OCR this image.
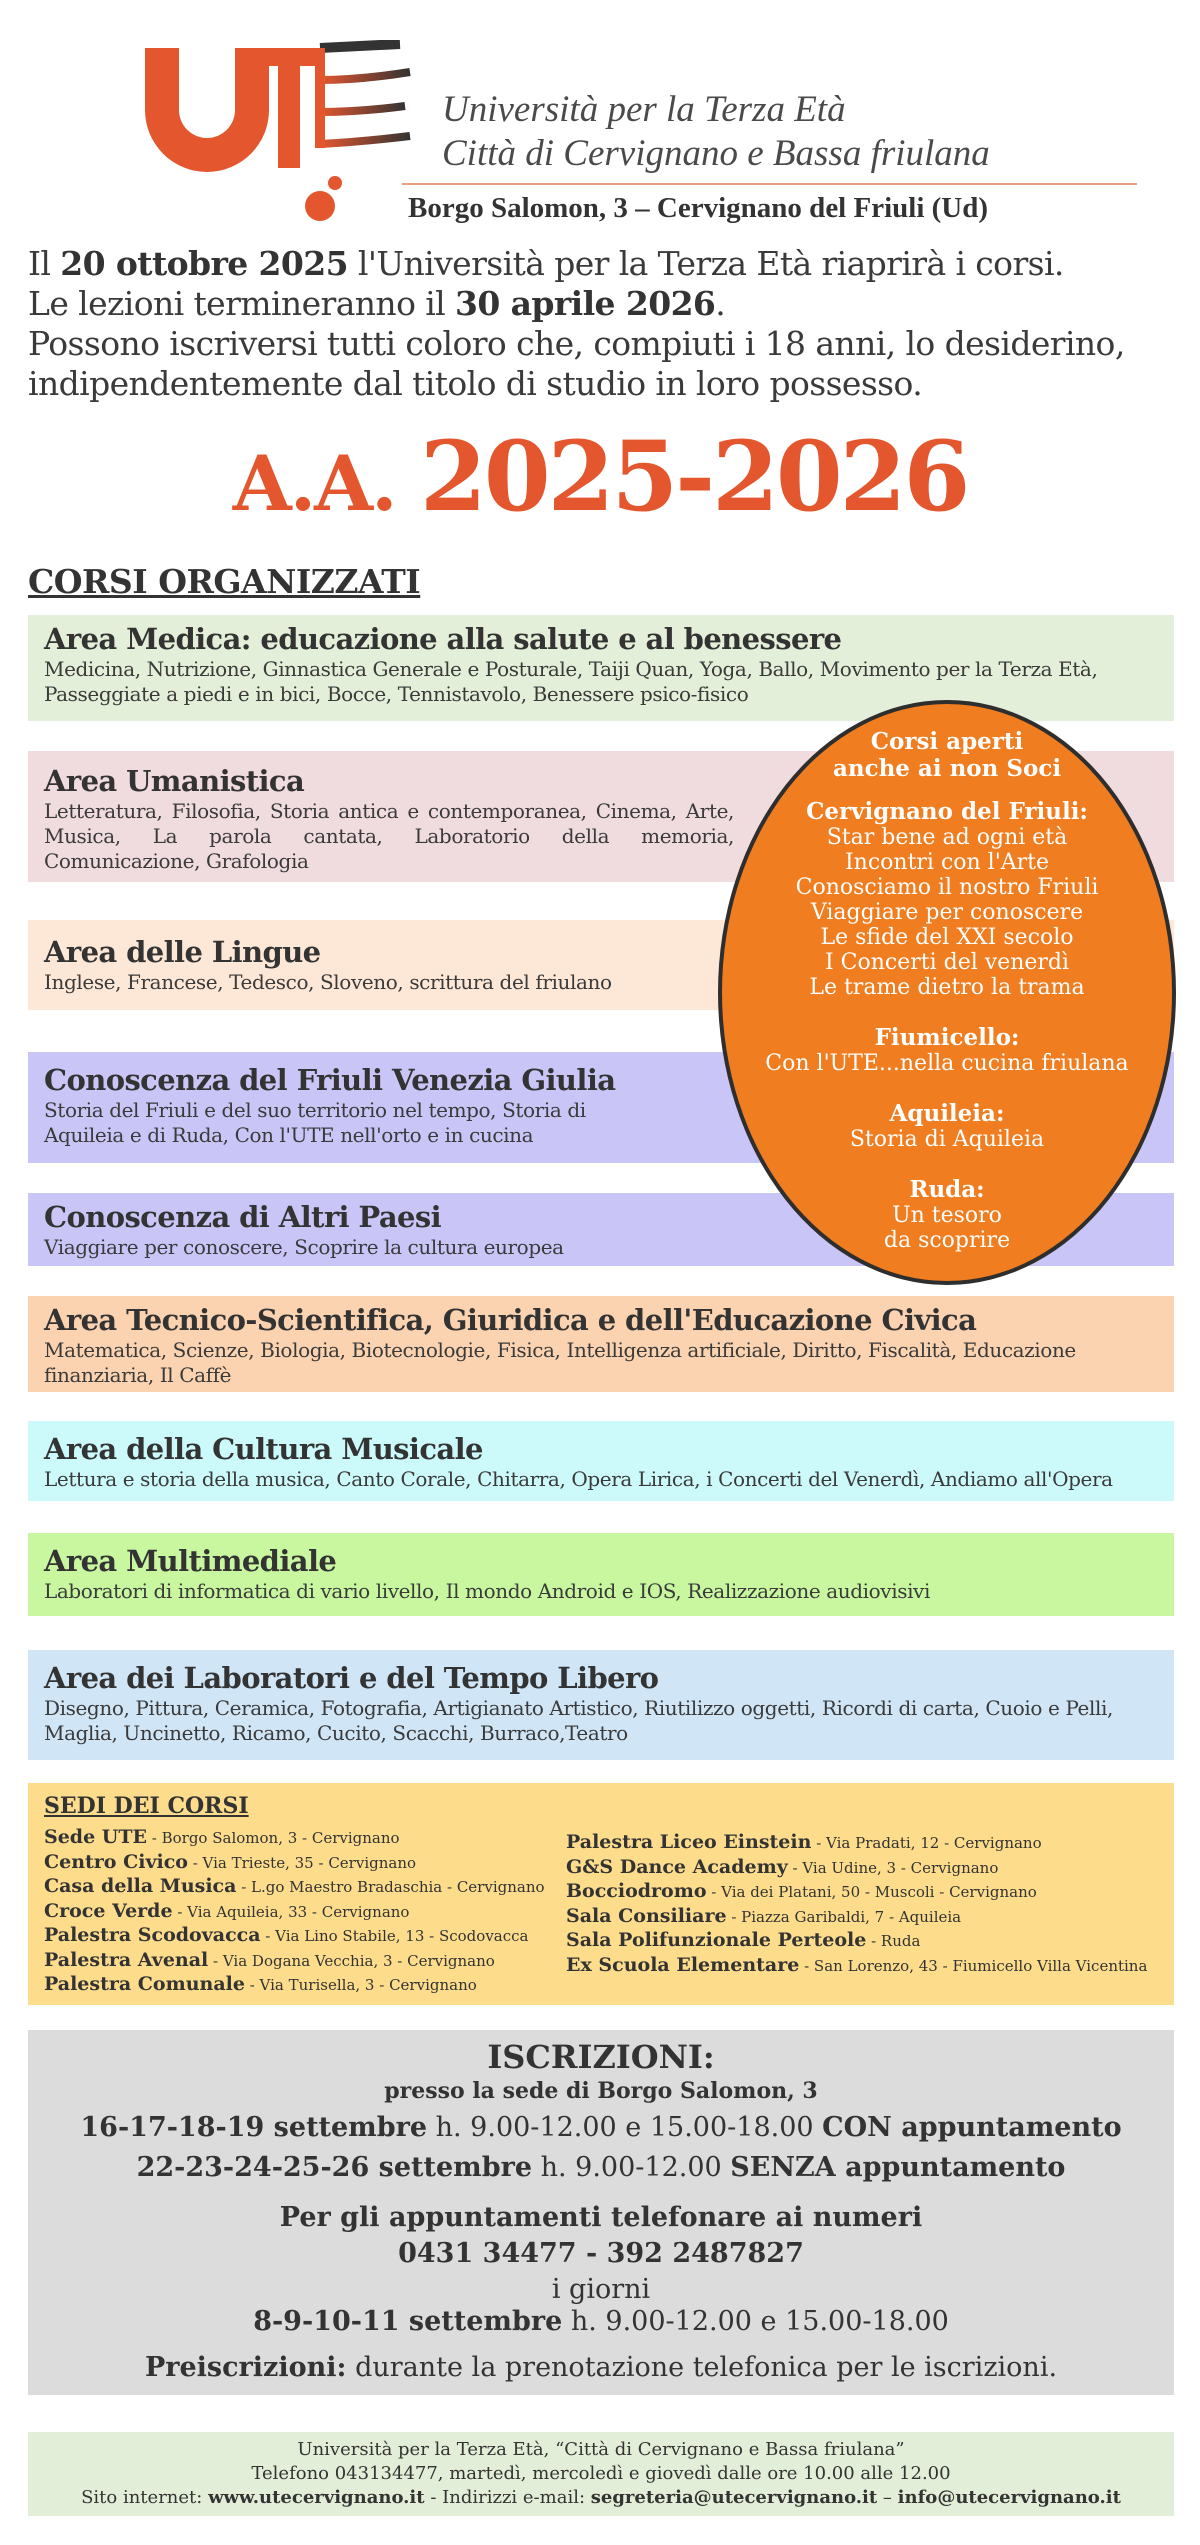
Università per la Terza Età
Città di Cervignano e Bassa friulana
Borgo Salomon, 3 – Cervignano del Friuli (Ud)
Il 20 ottobre 2025 l'Università per la Terza Età riaprirà i corsi.
Le lezioni termineranno il 30 aprile 2026.
Possono iscriversi tutti coloro che, compiuti i 18 anni, lo desiderino, indipendentemente dal titolo di studio in loro possesso.
A.A. 2025-2026
CORSI ORGANIZZATI
Area Medica: educazione alla salute e al benessere
Medicina, Nutrizione, Ginnastica Generale e Posturale, Taiji Quan, Yoga, Ballo, Movimento per la Terza Età, Passeggiate a piedi e in bici, Bocce, Tennistavolo, Benessere psico-fisico
Area Umanistica
Letteratura, Filosofia, Storia antica e contemporanea, Cinema, Arte, Musica, La parola cantata, Laboratorio della memoria, Comunicazione, Grafologia
Area delle Lingue
Inglese, Francese, Tedesco, Sloveno, scrittura del friulano
Conoscenza del Friuli Venezia Giulia
Storia del Friuli e del suo territorio nel tempo, Storia di Aquileia e di Ruda, Con l'UTE nell'orto e in cucina
Conoscenza di Altri Paesi
Viaggiare per conoscere, Scoprire la cultura europea
Area Tecnico-Scientifica, Giuridica e dell'Educazione Civica
Matematica, Scienze, Biologia, Biotecnologie, Fisica, Intelligenza artificiale, Diritto, Fiscalità, Educazione finanziaria, Il Caffè
Area della Cultura Musicale
Lettura e storia della musica, Canto Corale, Chitarra, Opera Lirica, i Concerti del Venerdì, Andiamo all'Opera
Area Multimediale
Laboratori di informatica di vario livello, Il mondo Android e IOS, Realizzazione audiovisivi
Area dei Laboratori e del Tempo Libero
Disegno, Pittura, Ceramica, Fotografia, Artigianato Artistico, Riutilizzo oggetti, Ricordi di carta, Cuoio e Pelli, Maglia, Uncinetto, Ricamo, Cucito, Scacchi, Burraco,Teatro
Corsi aperti
anche ai non Soci
Cervignano del Friuli:
Star bene ad ogni età
Incontri con l'Arte
Conosciamo il nostro Friuli
Viaggiare per conoscere
Le sfide del XXI secolo
I Concerti del venerdì
Le trame dietro la trama
Fiumicello:
Con l'UTE...nella cucina friulana
Aquileia:
Storia di Aquileia
Ruda:
Un tesoro
da scoprire
SEDI DEI CORSI
Sede UTE - Borgo Salomon, 3 - Cervignano
Centro Civico - Via Trieste, 35 - Cervignano
Casa della Musica - L.go Maestro Bradaschia - Cervignano
Croce Verde - Via Aquileia, 33 - Cervignano
Palestra Scodovacca - Via Lino Stabile, 13 - Scodovacca
Palestra Avenal - Via Dogana Vecchia, 3 - Cervignano
Palestra Comunale - Via Turisella, 3 - Cervignano
Palestra Liceo Einstein - Via Pradati, 12 - Cervignano
G&S Dance Academy - Via Udine, 3 - Cervignano
Bocciodromo - Via dei Platani, 50 - Muscoli - Cervignano
Sala Consiliare - Piazza Garibaldi, 7 - Aquileia
Sala Polifunzionale Perteole - Ruda
Ex Scuola Elementare - San Lorenzo, 43 - Fiumicello Villa Vicentina
ISCRIZIONI:
presso la sede di Borgo Salomon, 3
16-17-18-19 settembre h. 9.00-12.00 e 15.00-18.00 CON appuntamento
22-23-24-25-26 settembre h. 9.00-12.00 SENZA appuntamento
Per gli appuntamenti telefonare ai numeri
0431 34477 - 392 2487827
i giorni
8-9-10-11 settembre h. 9.00-12.00 e 15.00-18.00
Preiscrizioni: durante la prenotazione telefonica per le iscrizioni.
Università per la Terza Età, “Città di Cervignano e Bassa friulana”
Telefono 043134477, martedì, mercoledì e giovedì dalle ore 10.00 alle 12.00
Sito internet: www.utecervignano.it - Indirizzi e-mail: segreteria@utecervignano.it – info@utecervignano.it
